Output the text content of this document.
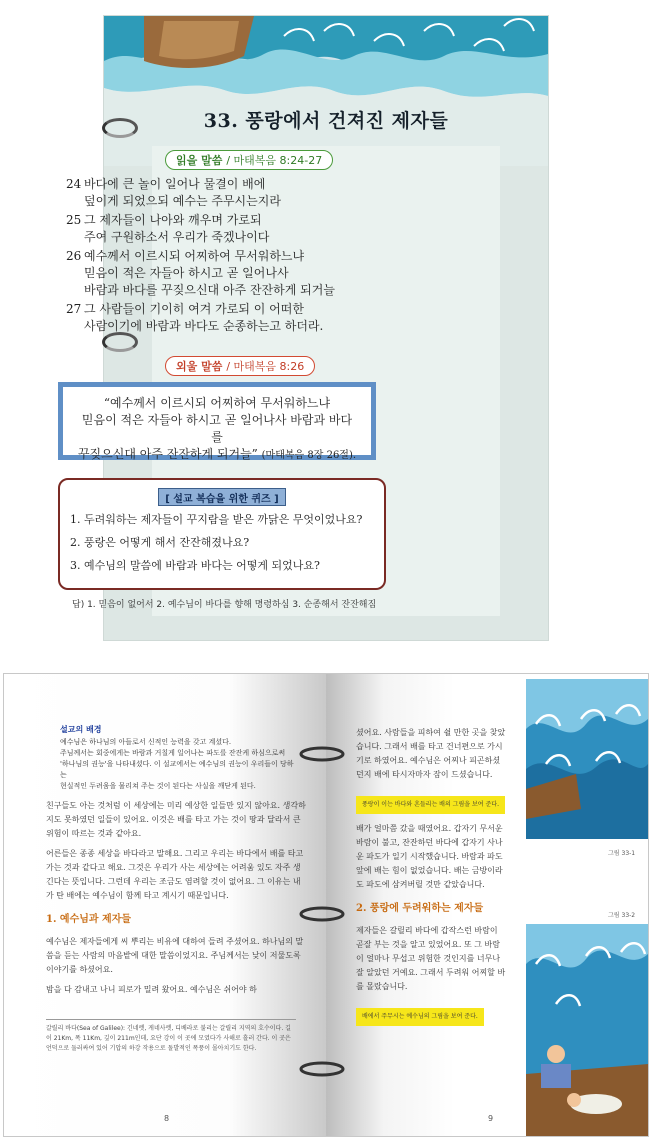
33. 풍랑에서 건져진 제자들
읽을 말씀 / 마태복음 8:24-27
24 바다에 큰 놀이 일어나 물결이 배에
덮이게 되었으되 예수는 주무시는지라
25 그 제자들이 나아와 깨우며 가로되
주여 구원하소서 우리가 죽겠나이다
26 예수께서 이르시되 어찌하여 무서워하느냐
믿음이 적은 자들아 하시고 곧 일어나사
바람과 바다를 꾸짖으신대 아주 잔잔하게 되거늘
27 그 사람들이 기이히 여겨 가로되 이 어떠한
사람이기에 바람과 바다도 순종하는고 하더라.
외울 말씀 / 마태복음 8:26
“예수께서 이르시되 어찌하여 무서워하느냐
믿음이 적은 자들아 하시고 곧 일어나사 바람과 바다를
꾸짖으신대 아주 잔잔하게 되거늘” (마태복음 8장 26절).
[ 설교 복습을 위한 퀴즈 ]
1. 두려워하는 제자들이 꾸지람을 받은 까닭은 무엇이었나요?
2. 풍랑은 어떻게 해서 잔잔해졌나요?
3. 예수님의 말씀에 바람과 바다는 어떻게 되었나요?
답) 1. 믿음이 없어서 2. 예수님이 바다를 향해 명령하심 3. 순종해서 잔잔해짐
설교의 배경
예수님은 하나님의 아들로서 신적인 능력을 갖고 계셨다.
주님께서는 회중에게는 바람과 거칠게 일어나는 파도를 잔잔케 하심으로써
'하나님의 권능'을 나타내셨다. 이 설교에서는 예수님의 권능이 우리들이 당하는
현실적인 두려움을 물리쳐 주는 것이 된다는 사실을 깨닫게 된다.

친구들도 아는 것처럼 이 세상에는 미리 예상한 일들만 있지 않아요. 생각하지도 못하였던 일들이 있어요. 이것은 배를 타고 가는 것이 땅과 달라서 큰 위험이 따르는 것과 같아요.

어른들은 종종 세상을 바다라고 말해요. 그리고 우리는 바다에서 배를 타고 가는 것과 같다고 해요. 그것은 우리가 사는 세상에는 어려움 있도 자주 생긴다는 뜻입니다. 그런데 우리는 조금도 염려할 것이 없어요. 그 이유는 내가 탄 배에는 예수님이 함께 타고 계시기 때문입니다.

1. 예수님과 제자들

예수님은 제자들에게 씨 뿌리는 비유에 대하여 들려 주셨어요. 하나님의 말씀을 듣는 사람의 마음밭에 대한 말씀이었지요. 주님께서는 낮이 저물도록 이야기를 하셨어요.

밤을 다 감내고 나니 피로가 밀려 왔어요. 예수님은 쉬어야 하

갈릴리 바다(Sea of Galilee): 긴네렛, 게네사렛, 디베라로 불리는 갈릴리 지역의 호수이다. 길이 21Km, 폭 11Km, 깊이 211m인데, 요단 강이 이 곳에 모였다가 사해로 흘러 간다. 이 곳은 언덕으로 둘러싸여 있어 기압의 하강 작용으로 돌발적인 폭풍이 몰아치기도 한다.
8

셨어요. 사람들을 피하여 쉴 만한 곳을 찾았습니다. 그래서 배를 타고 건너편으로 가시기로 하였어요. 예수님은 어찌나 피곤하셨던지 배에 타시자마자 잠이 드셨습니다.

풍랑이 이는 바다와 흔들리는 배의 그림을 보여 준다.

배가 얼마쯤 갔을 때였어요. 갑자기 무서운 바람이 불고, 잔잔하던 바다에 갑자기 사나운 파도가 일기 시작했습니다. 바람과 파도 앞에 배는 힘이 없었습니다. 배는 금방이라도 파도에 삼켜버릴 것만 같았습니다.

2. 풍랑에 두려워하는 제자들

제자들은 갈릴리 바다에 갑작스런 바람이 곧잘 부는 것을 알고 있었어요. 또 그 바람이 얼마나 무섭고 위험한 것인지를 너무나 잘 알았던 거예요. 그래서 두려워 어찌할 바를 몰랐습니다.

배에서 주무시는 예수님의 그림을 보여 준다.
그림 33-1
그림 33-2
9
